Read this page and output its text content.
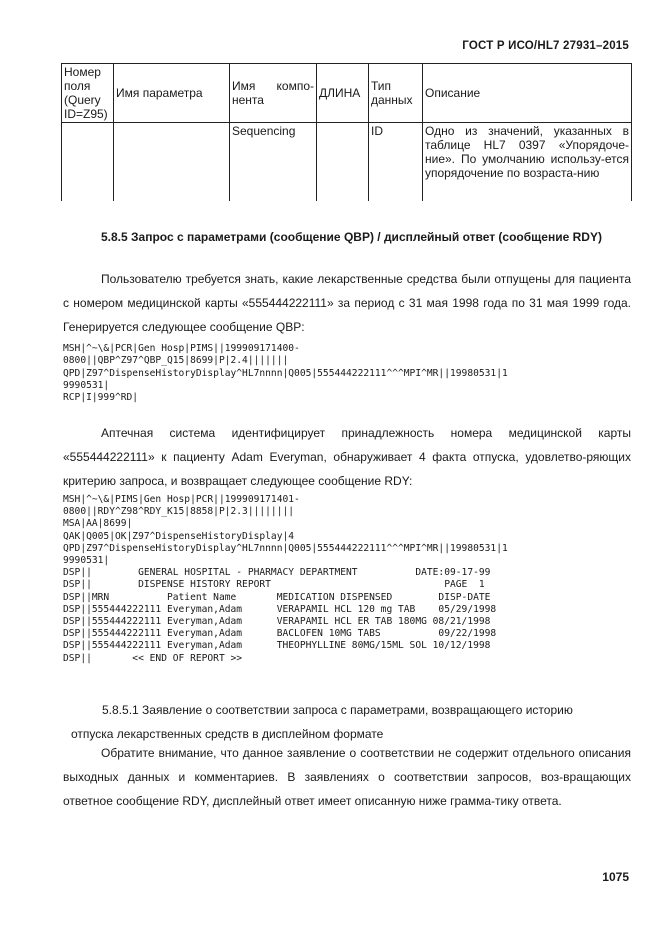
ГОСТ Р ИСО/HL7 27931–2015
Номер поля (Query ID=Z95)	Имя параметра	Имя компо-
нента	ДЛИНА	Тип данных	Описание
		Sequencing		ID	Одно из значений, указанных в таблице HL7 0397 «Упорядоче-ние». По умолчанию использу-ется упорядочение по возраста-нию
5.8.5 Запрос с параметрами (сообщение QBP) / дисплейный ответ (сообщение RDY)
Пользователю требуется знать, какие лекарственные средства были отпущены для пациента с номером медицинской карты «555444222111» за период с 31 мая 1998 года по 31 мая 1999 года. Генерируется следующее сообщение QBP:
MSH|^~\&|PCR|Gen Hosp|PIMS||199909171400-
0800||QBP^Z97^QBP_Q15|8699|P|2.4|||||||
QPD|Z97^DispenseHistoryDisplay^HL7nnnn|Q005|555444222111^^^MPI^MR||19980531|1
9990531|
RCP|I|999^RD|
Аптечная система идентифицирует принадлежность номера медицинской карты «555444222111» к пациенту Adam Everyman, обнаруживает 4 факта отпуска, удовлетво-ряющих критерию запроса, и возвращает следующее сообщение RDY:
MSH|^~\&|PIMS|Gen Hosp|PCR||199909171401-
0800||RDY^Z98^RDY_K15|8858|P|2.3||||||||
MSA|AA|8699|
QAK|Q005|OK|Z97^DispenseHistoryDisplay|4
QPD|Z97^DispenseHistoryDisplay^HL7nnnn|Q005|555444222111^^^MPI^MR||19980531|1
9990531|
DSP||        GENERAL HOSPITAL - PHARMACY DEPARTMENT          DATE:09-17-99
DSP||        DISPENSE HISTORY REPORT                              PAGE  1
DSP||MRN          Patient Name       MEDICATION DISPENSED        DISP-DATE
DSP||555444222111 Everyman,Adam      VERAPAMIL HCL 120 mg TAB    05/29/1998
DSP||555444222111 Everyman,Adam      VERAPAMIL HCL ER TAB 180MG 08/21/1998
DSP||555444222111 Everyman,Adam      BACLOFEN 10MG TABS          09/22/1998
DSP||555444222111 Everyman,Adam      THEOPHYLLINE 80MG/15ML SOL 10/12/1998
DSP||       << END OF REPORT >>
5.8.5.1 Заявление о соответствии запроса с параметрами, возвращающего историю
отпуска лекарственных средств в дисплейном формате
Обратите внимание, что данное заявление о соответствии не содержит отдельного описания выходных данных и комментариев. В заявлениях о соответствии запросов, воз-вращающих ответное сообщение RDY, дисплейный ответ имеет описанную ниже грамма-тику ответа.
1075
